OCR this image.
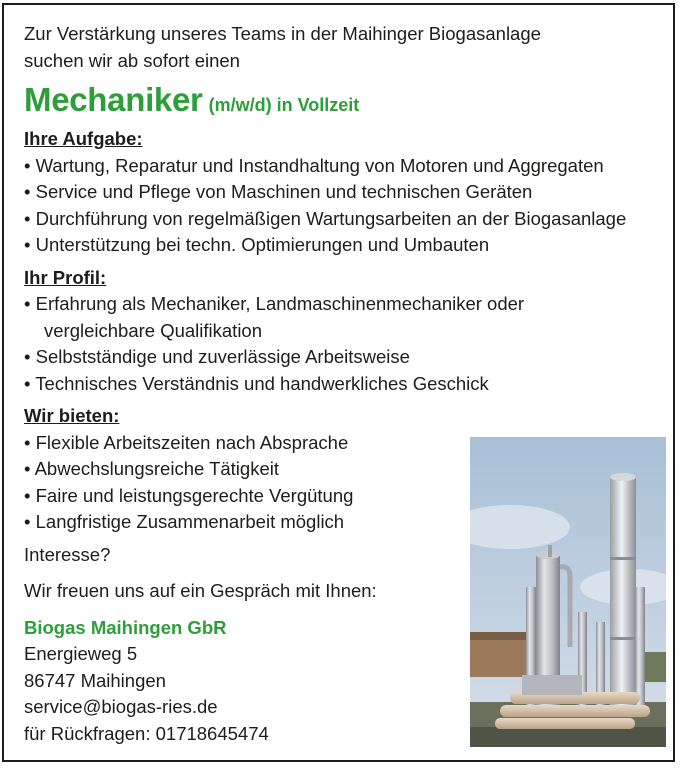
Zur Verstärkung unseres Teams in der Maihinger Biogasanlage
suchen wir ab sofort einen

Mechaniker (m/w/d) in Vollzeit
Ihre Aufgabe:
• Wartung, Reparatur und Instandhaltung von Motoren und Aggregaten
• Service und Pflege von Maschinen und technischen Geräten
• Durchführung von regelmäßigen Wartungsarbeiten an der Biogasanlage
• Unterstützung bei techn. Optimierungen und Umbauten
Ihr Profil:
• Erfahrung als Mechaniker, Landmaschinenmechaniker oder
vergleichbare Qualifikation
• Selbstständige und zuverlässige Arbeitsweise
• Technisches Verständnis und handwerkliches Geschick
Wir bieten:
• Flexible Arbeitszeiten nach Absprache
• Abwechslungsreiche Tätigkeit
• Faire und leistungsgerechte Vergütung
• Langfristige Zusammenarbeit möglich
Interesse?
Wir freuen uns auf ein Gespräch mit Ihnen:
Biogas Maihingen GbR
Energieweg 5
86747 Maihingen
service@biogas-ries.de
für Rückfragen: 01718645474
